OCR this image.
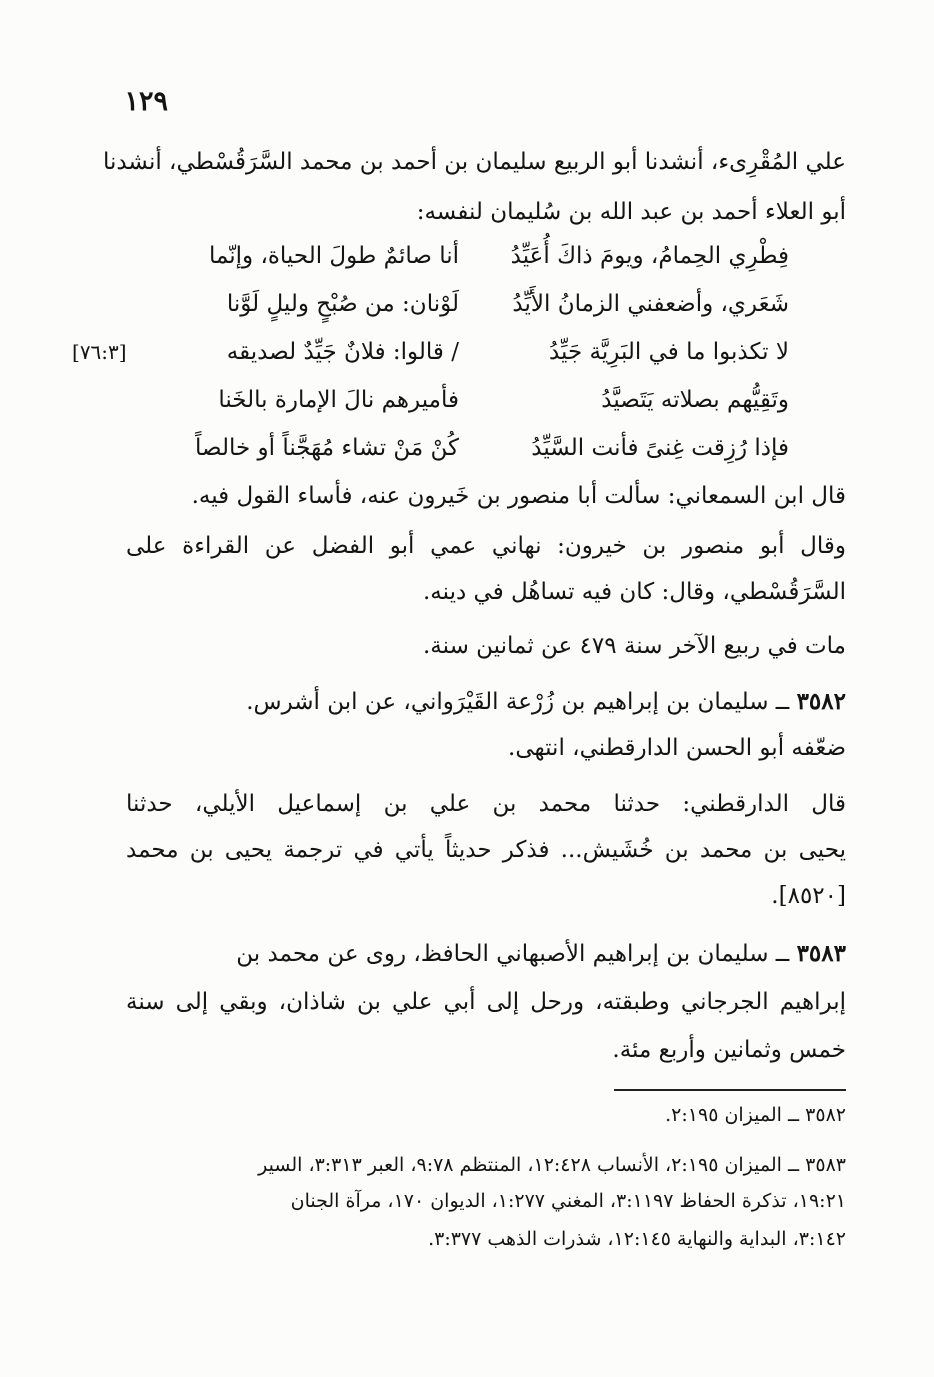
١٢٩
علي المُقْرِىء، أنشدنا أبو الربيع سليمان بن أحمد بن محمد السَّرَقُسْطي، أنشدنا
أبو العلاء أحمد بن عبد الله بن سُليمان لنفسه:
أنا صائمٌ طولَ الحياة، وإنّما	فِطْرِي الحِمامُ، ويومَ ذاكَ أُعَيِّدُ
لَوْنان: من صُبْحٍ وليلٍ لَوَّنا	شَعَري، وأضعفني الزمانُ الأَيِّدُ
/ قالوا: فلانٌ جَيِّدٌ لصديقه	لا تكذبوا ما في البَرِيَّة جَيِّدُ
[٧٦:٣]
فأميرهم نالَ الإمارة بالخَنا	وتَقِيُّهم بصلاته يَتَصيَّدُ
كُنْ مَنْ تشاء مُهَجَّناً أو خالصاً	فإذا رُزِقت غِنىً فأنت السَّيِّدُ
قال ابن السمعاني: سألت أبا منصور بن خَيرون عنه، فأساء القول فيه.
وقال أبو منصور بن خيرون: نهاني عمي أبو الفضل عن القراءة على
السَّرَقُسْطي، وقال: كان فيه تساهُل في دينه.
مات في ربيع الآخر سنة ٤٧٩ عن ثمانين سنة.
٣٥٨٢ ــ سليمان بن إبراهيم بن زُرْعة القَيْرَواني، عن ابن أشرس.
ضعّفه أبو الحسن الدارقطني، انتهى.
قال الدارقطني: حدثنا محمد بن علي بن إسماعيل الأيلي، حدثنا
يحيى بن محمد بن خُشَيش... فذكر حديثاً يأتي في ترجمة يحيى بن محمد
[٨٥٢٠].
٣٥٨٣ ــ سليمان بن إبراهيم الأصبهاني الحافظ، روى عن محمد بن
إبراهيم الجرجاني وطبقته، ورحل إلى أبي علي بن شاذان، وبقي إلى سنة
خمس وثمانين وأربع مئة.
٣٥٨٢ ــ الميزان ٢:١٩٥.
٣٥٨٣ ــ الميزان ٢:١٩٥، الأنساب ١٢:٤٢٨، المنتظم ٩:٧٨، العبر ٣:٣١٣، السير
١٩:٢١، تذكرة الحفاظ ٣:١١٩٧، المغني ١:٢٧٧، الديوان ١٧٠، مرآة الجنان
٣:١٤٢، البداية والنهاية ١٢:١٤٥، شذرات الذهب ٣:٣٧٧.
